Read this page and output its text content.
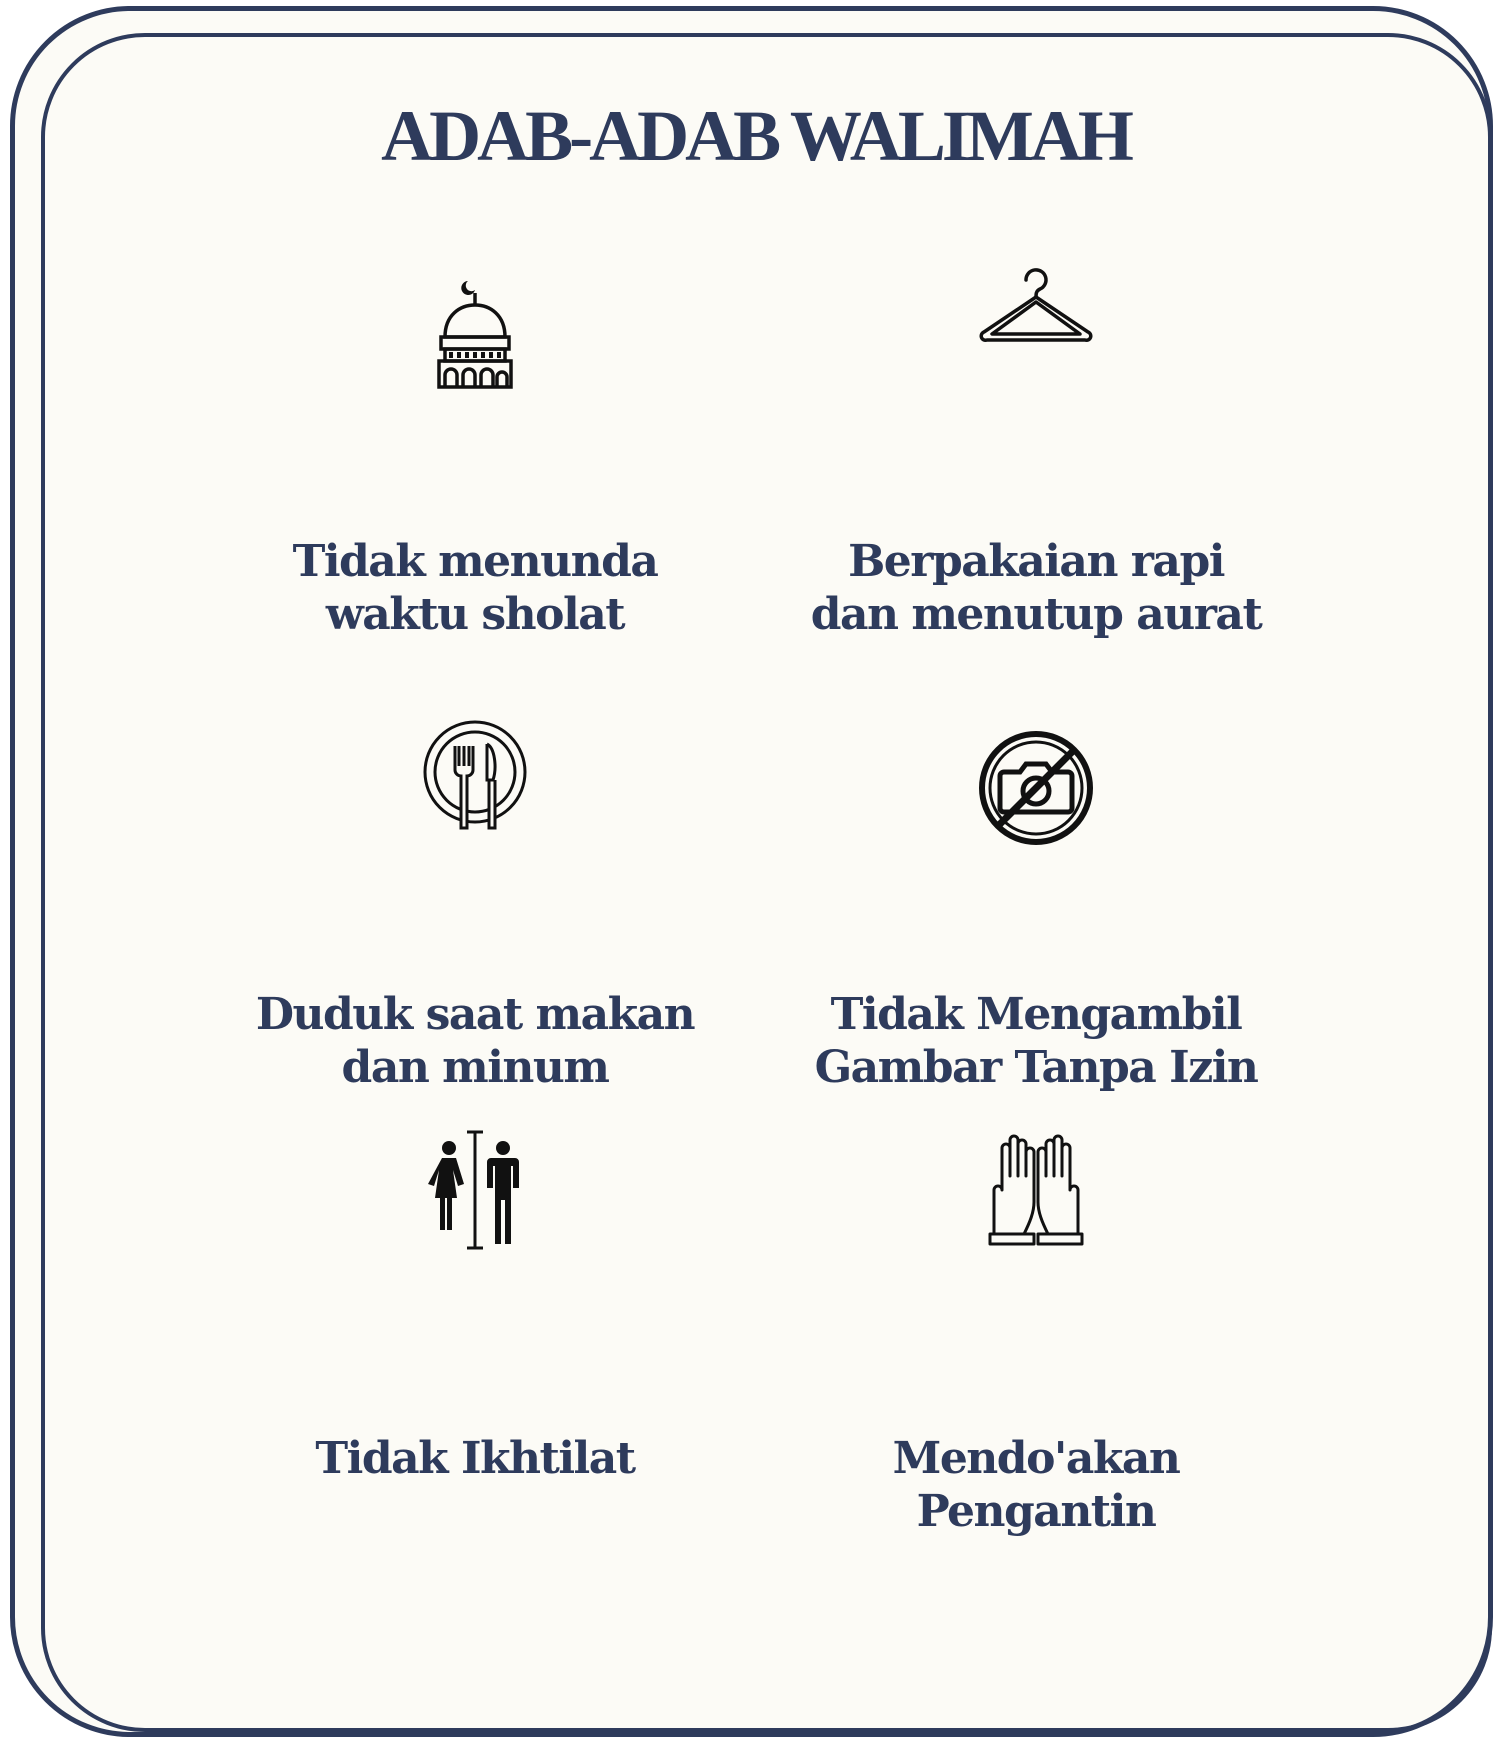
ADAB-ADAB WALIMAH
Tidak menunda
waktu sholat
Berpakaian rapi
dan menutup aurat
Duduk saat makan
dan minum
Tidak Mengambil
Gambar Tanpa Izin
Tidak Ikhtilat	Mendo'akan
Pengantin
